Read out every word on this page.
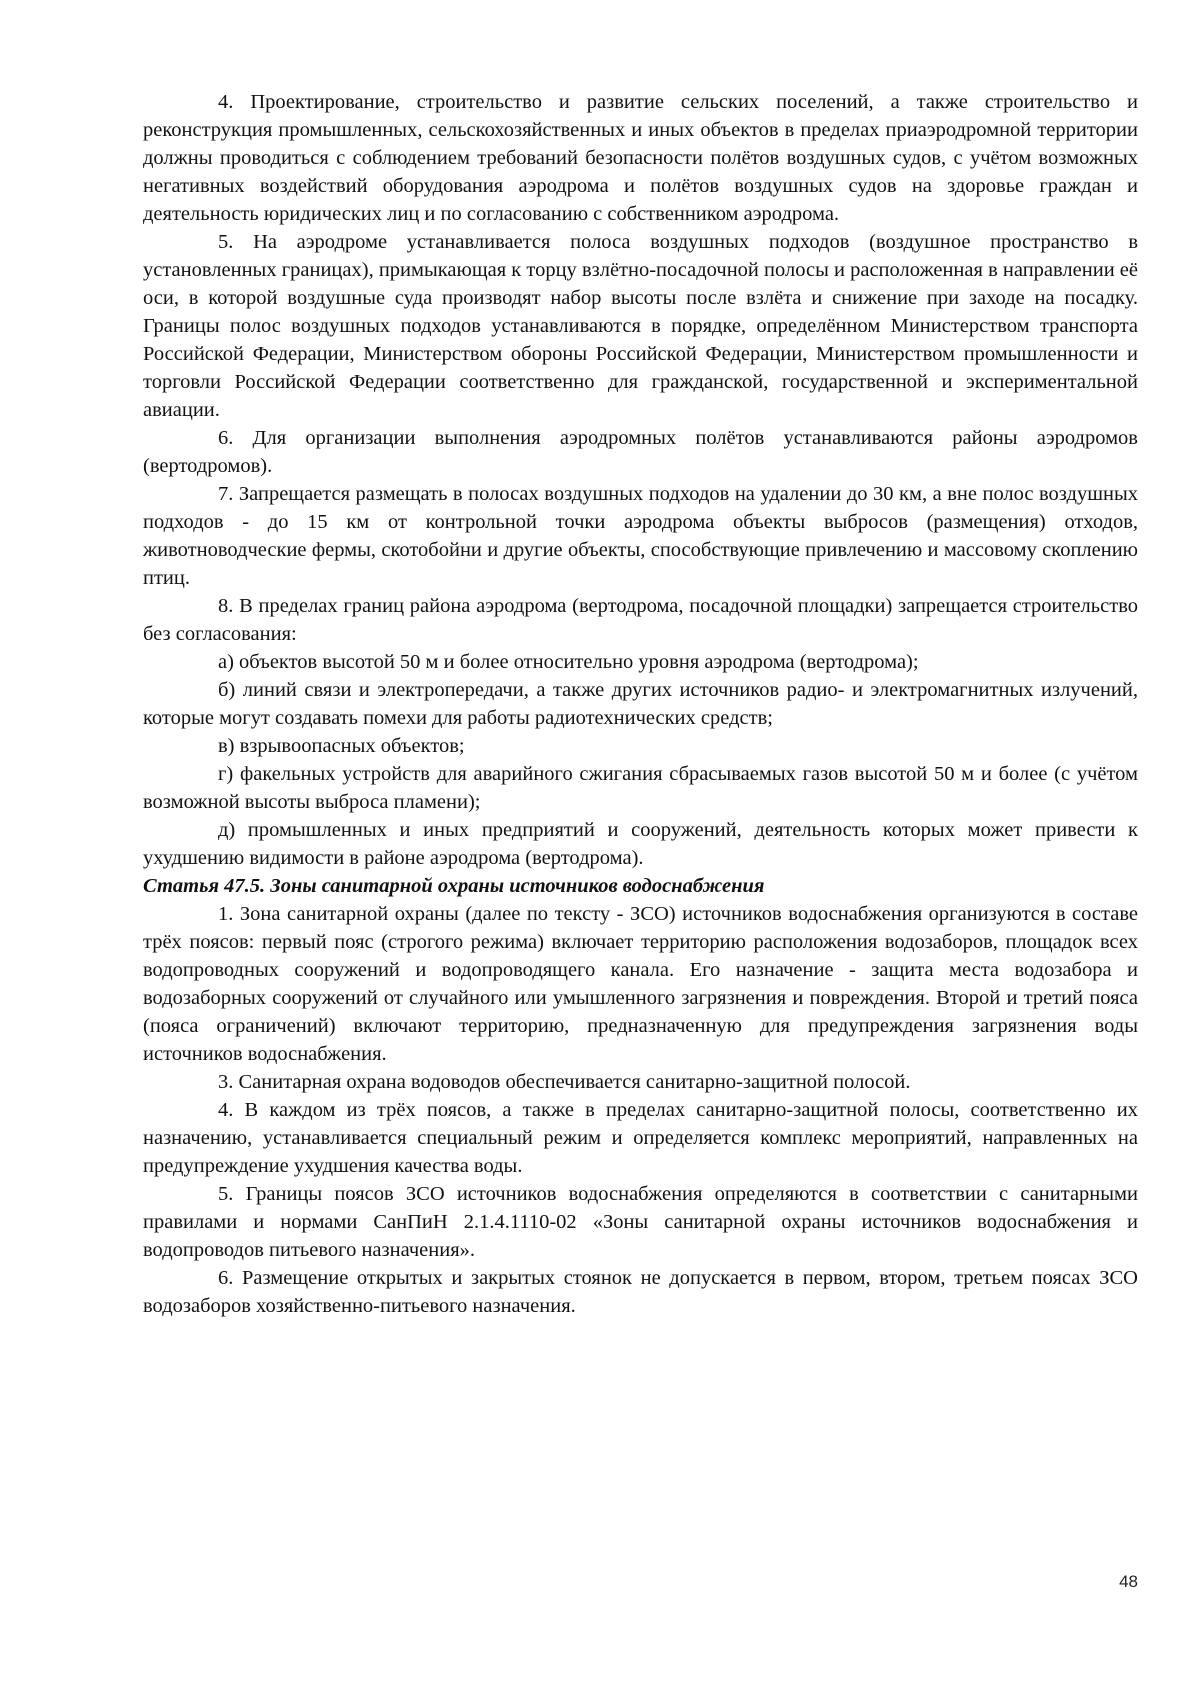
4. Проектирование, строительство и развитие сельских поселений, а также строительство и реконструкция промышленных, сельскохозяйственных и иных объектов в пределах приаэродромной территории должны проводиться с соблюдением требований безопасности полётов воздушных судов, с учётом возможных негативных воздействий оборудования аэродрома и полётов воздушных судов на здоровье граждан и деятельность юридических лиц и по согласованию с собственником аэродрома.

5. На аэродроме устанавливается полоса воздушных подходов (воздушное пространство в установленных границах), примыкающая к торцу взлётно-посадочной полосы и расположенная в направлении её оси, в которой воздушные суда производят набор высоты после взлёта и снижение при заходе на посадку. Границы полос воздушных подходов устанавливаются в порядке, определённом Министерством транспорта Российской Федерации, Министерством обороны Российской Федерации, Министерством промышленности и торговли Российской Федерации соответственно для гражданской, государственной и экспериментальной авиации.

6. Для организации выполнения аэродромных полётов устанавливаются районы аэродромов (вертодромов).

7. Запрещается размещать в полосах воздушных подходов на удалении до 30 км, а вне полос воздушных подходов - до 15 км от контрольной точки аэродрома объекты выбросов (размещения) отходов, животноводческие фермы, скотобойни и другие объекты, способствующие привлечению и массовому скоплению птиц.

8. В пределах границ района аэродрома (вертодрома, посадочной площадки) запрещается строительство без согласования:

а) объектов высотой 50 м и более относительно уровня аэродрома (вертодрома);

б) линий связи и электропередачи, а также других источников радио- и электромагнитных излучений, которые могут создавать помехи для работы радиотехнических средств;

в) взрывоопасных объектов;

г) факельных устройств для аварийного сжигания сбрасываемых газов высотой 50 м и более (с учётом возможной высоты выброса пламени);

д) промышленных и иных предприятий и сооружений, деятельность которых может привести к ухудшению видимости в районе аэродрома (вертодрома).

Статья 47.5. Зоны санитарной охраны источников водоснабжения

1. Зона санитарной охраны (далее по тексту - ЗСО) источников водоснабжения организуются в составе трёх поясов: первый пояс (строгого режима) включает территорию расположения водозаборов, площадок всех водопроводных сооружений и водопроводящего канала. Его назначение - защита места водозабора и водозаборных сооружений от случайного или умышленного загрязнения и повреждения. Второй и третий пояса (пояса ограничений) включают территорию, предназначенную для предупреждения загрязнения воды источников водоснабжения.

3. Санитарная охрана водоводов обеспечивается санитарно-защитной полосой.

4. В каждом из трёх поясов, а также в пределах санитарно-защитной полосы, соответственно их назначению, устанавливается специальный режим и определяется комплекс мероприятий, направленных на предупреждение ухудшения качества воды.

5. Границы поясов ЗСО источников водоснабжения определяются в соответствии с санитарными правилами и нормами СанПиН 2.1.4.1110-02 «Зоны санитарной охраны источников водоснабжения и водопроводов питьевого назначения».

6. Размещение открытых и закрытых стоянок не допускается в первом, втором, третьем поясах ЗСО водозаборов хозяйственно-питьевого назначения.

48
